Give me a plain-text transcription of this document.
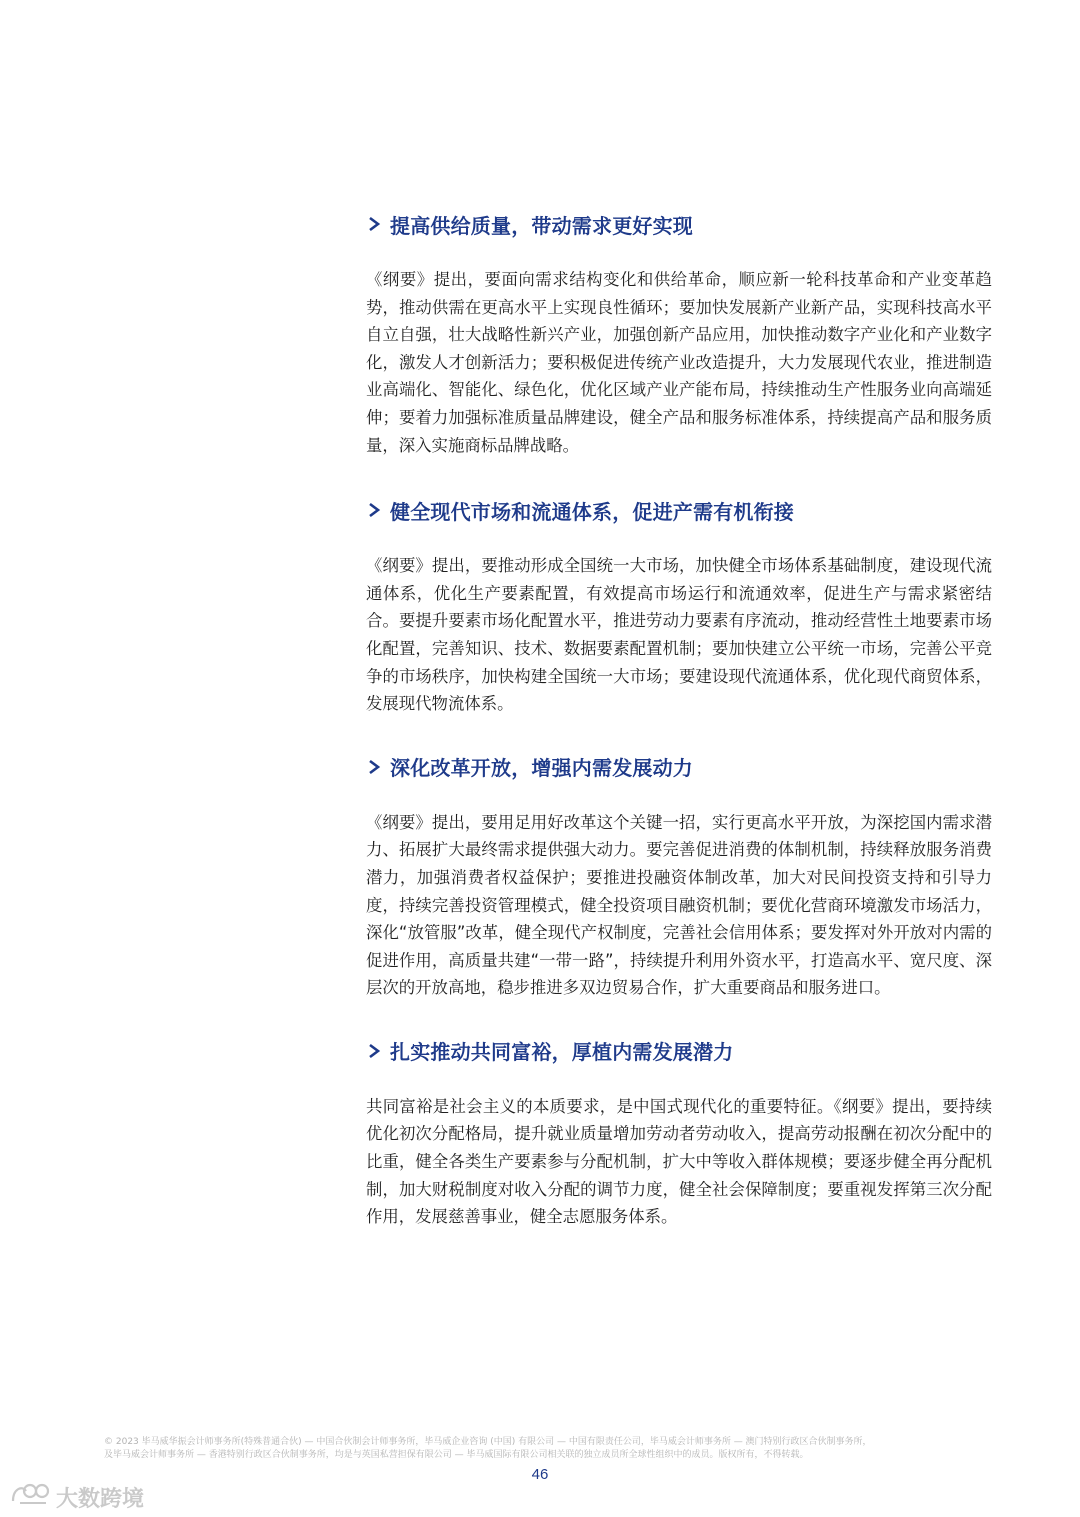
提高供给质量，带动需求更好实现
《纲要》提出，要面向需求结构变化和供给革命，顺应新一轮科技革命和产业变革趋势，推动供需在更高水平上实现良性循环；要加快发展新产业新产品，实现科技高水平自立自强，壮大战略性新兴产业，加强创新产品应用，加快推动数字产业化和产业数字化，激发人才创新活力；要积极促进传统产业改造提升，大力发展现代农业，推进制造业高端化、智能化、绿色化，优化区域产业产能布局，持续推动生产性服务业向高端延伸；要着力加强标准质量品牌建设，健全产品和服务标准体系，持续提高产品和服务质量，深入实施商标品牌战略。
健全现代市场和流通体系，促进产需有机衔接
《纲要》提出，要推动形成全国统一大市场，加快健全市场体系基础制度，建设现代流通体系，优化生产要素配置，有效提高市场运行和流通效率，促进生产与需求紧密结合。要提升要素市场化配置水平，推进劳动力要素有序流动，推动经营性土地要素市场化配置，完善知识、技术、数据要素配置机制；要加快建立公平统一市场，完善公平竞争的市场秩序，加快构建全国统一大市场；要建设现代流通体系，优化现代商贸体系，发展现代物流体系。
深化改革开放，增强内需发展动力
《纲要》提出，要用足用好改革这个关键一招，实行更高水平开放，为深挖国内需求潜力、拓展扩大最终需求提供强大动力。要完善促进消费的体制机制，持续释放服务消费潜力，加强消费者权益保护；要推进投融资体制改革，加大对民间投资支持和引导力度，持续完善投资管理模式，健全投资项目融资机制；要优化营商环境激发市场活力，深化“放管服”改革，健全现代产权制度，完善社会信用体系；要发挥对外开放对内需的促进作用，高质量共建“一带一路”，持续提升利用外资水平，打造高水平、宽尺度、深层次的开放高地，稳步推进多双边贸易合作，扩大重要商品和服务进口。
扎实推动共同富裕，厚植内需发展潜力
共同富裕是社会主义的本质要求，是中国式现代化的重要特征。《纲要》提出，要持续优化初次分配格局，提升就业质量增加劳动者劳动收入，提高劳动报酬在初次分配中的比重，健全各类生产要素参与分配机制，扩大中等收入群体规模；要逐步健全再分配机制，加大财税制度对收入分配的调节力度，健全社会保障制度；要重视发挥第三次分配作用，发展慈善事业，健全志愿服务体系。
© 2023 毕马威华振会计师事务所(特殊普通合伙) — 中国合伙制会计师事务所，毕马威企业咨询 (中国) 有限公司 — 中国有限责任公司，毕马威会计师事务所 — 澳门特别行政区合伙制事务所，
及毕马威会计师事务所 — 香港特别行政区合伙制事务所，均是与英国私营担保有限公司 — 毕马威国际有限公司相关联的独立成员所全球性组织中的成员。版权所有，不得转载。
46
大数跨境
